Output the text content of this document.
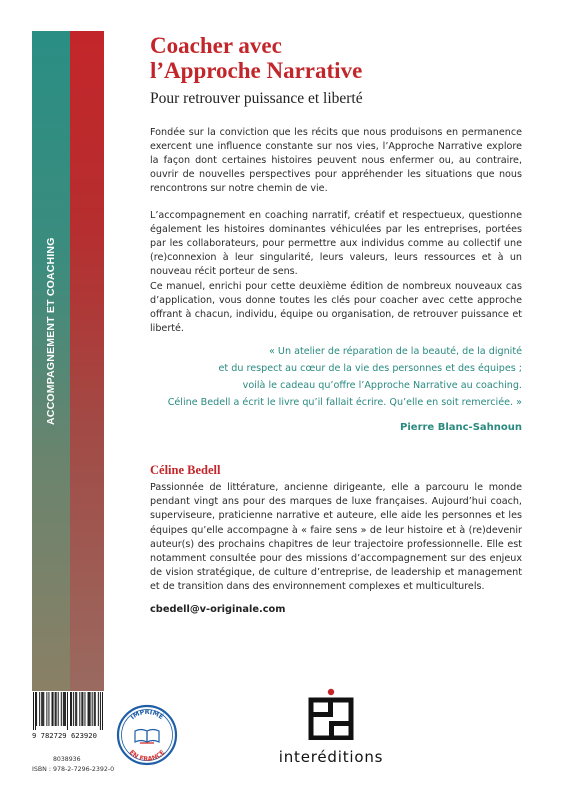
ACCOMPAGNEMENT ET COACHING
Coacher avec
l’Approche Narrative
Pour retrouver puissance et liberté

Fondée sur la conviction que les récits que nous produisons en permanence exercent une influence constante sur nos vies, l’Approche Narrative explore la façon dont certaines histoires peuvent nous enfermer ou, au contraire, ouvrir de nouvelles perspectives pour appréhender les situations que nous rencontrons sur notre chemin de vie.

L’accompagnement en coaching narratif, créatif et respectueux, questionne également les histoires dominantes véhiculées par les entreprises, portées par les collaborateurs, pour permettre aux individus comme au collectif une (re)connexion à leur singularité, leurs valeurs, leurs ressources et à un nouveau récit porteur de sens.

Ce manuel, enrichi pour cette deuxième édition de nombreux nouveaux cas d’application, vous donne toutes les clés pour coacher avec cette approche offrant à chacun, individu, équipe ou organisation, de retrouver puissance et liberté.

« Un atelier de réparation de la beauté, de la dignité
et du respect au cœur de la vie des personnes et des équipes ;
voilà le cadeau qu’offre l’Approche Narrative au coaching.
Céline Bedell a écrit le livre qu’il fallait écrire. Qu’elle en soit remerciée. »
Pierre Blanc-Sahnoun
Céline Bedell

Passionnée de littérature, ancienne dirigeante, elle a parcouru le monde pendant vingt ans pour des marques de luxe françaises. Aujourd’hui coach, superviseure, praticienne narrative et auteure, elle aide les personnes et les équipes qu’elle accompagne à « faire sens » de leur histoire et à (re)devenir auteur(s) des prochains chapitres de leur trajectoire professionnelle. Elle est notamment consultée pour des missions d’accompagnement sur des enjeux de vision stratégique, de culture d’entreprise, de leadership et management et de transition dans des environnement complexes et multiculturels.

cbedell@v-originale.com
9 782729 623920
8038936
ISBN : 978-2-7296-2392-0
IMPRIMÉ
EN FRANCE	interéditions
